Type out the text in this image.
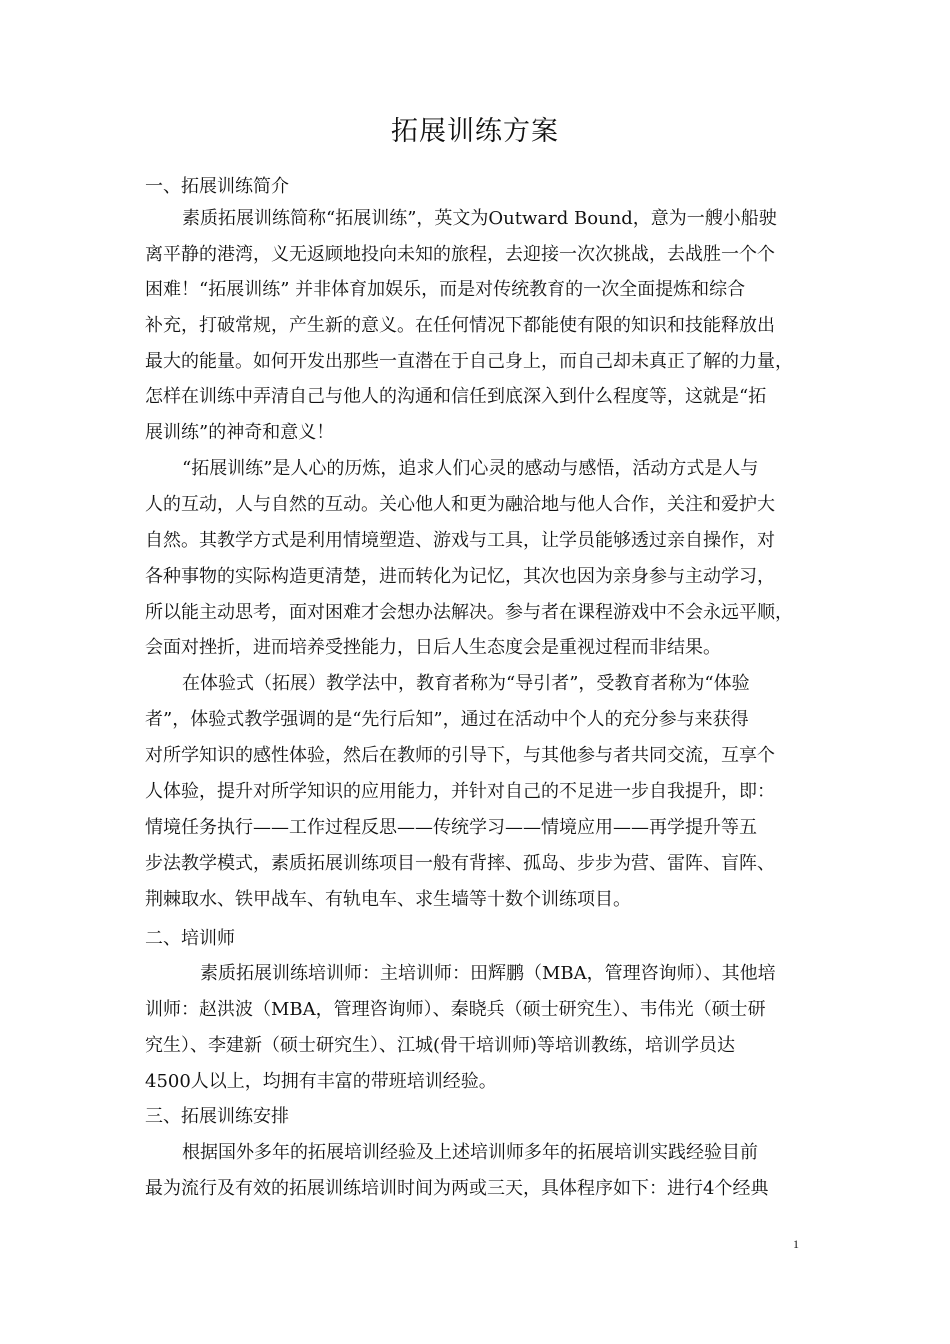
拓展训练方案
一、拓展训练简介
素质拓展训练简称“拓展训练”，英文为Outward Bound，意为一艘小船驶
离平静的港湾，义无返顾地投向未知的旅程，去迎接一次次挑战，去战胜一个个
困难！“拓展训练” 并非体育加娱乐，而是对传统教育的一次全面提炼和综合
补充，打破常规，产生新的意义。在任何情况下都能使有限的知识和技能释放出
最大的能量。如何开发出那些一直潜在于自己身上，而自己却未真正了解的力量，
怎样在训练中弄清自己与他人的沟通和信任到底深入到什么程度等，这就是“拓
展训练”的神奇和意义！
“拓展训练”是人心的历炼，追求人们心灵的感动与感悟，活动方式是人与
人的互动，人与自然的互动。关心他人和更为融洽地与他人合作，关注和爱护大
自然。其教学方式是利用情境塑造、游戏与工具，让学员能够透过亲自操作，对
各种事物的实际构造更清楚，进而转化为记忆，其次也因为亲身参与主动学习，
所以能主动思考，面对困难才会想办法解决。参与者在课程游戏中不会永远平顺，
会面对挫折，进而培养受挫能力，日后人生态度会是重视过程而非结果。
在体验式（拓展）教学法中，教育者称为“导引者”，受教育者称为“体验
者”，体验式教学强调的是“先行后知”，通过在活动中个人的充分参与来获得
对所学知识的感性体验，然后在教师的引导下，与其他参与者共同交流，互享个
人体验，提升对所学知识的应用能力，并针对自己的不足进一步自我提升，即：
情境任务执行——工作过程反思——传统学习——情境应用——再学提升等五
步法教学模式，素质拓展训练项目一般有背摔、孤岛、步步为营、雷阵、盲阵、
荆棘取水、铁甲战车、有轨电车、求生墙等十数个训练项目。
二、培训师
素质拓展训练培训师：主培训师：田辉鹏（MBA，管理咨询师）、其他培
训师：赵洪波（MBA，管理咨询师）、秦晓兵（硕士研究生）、韦伟光（硕士研
究生）、李建新（硕士研究生）、江城(骨干培训师)等培训教练，培训学员达
4500人以上，均拥有丰富的带班培训经验。
三、拓展训练安排
根据国外多年的拓展培训经验及上述培训师多年的拓展培训实践经验目前
最为流行及有效的拓展训练培训时间为两或三天，具体程序如下：进行4个经典
1
